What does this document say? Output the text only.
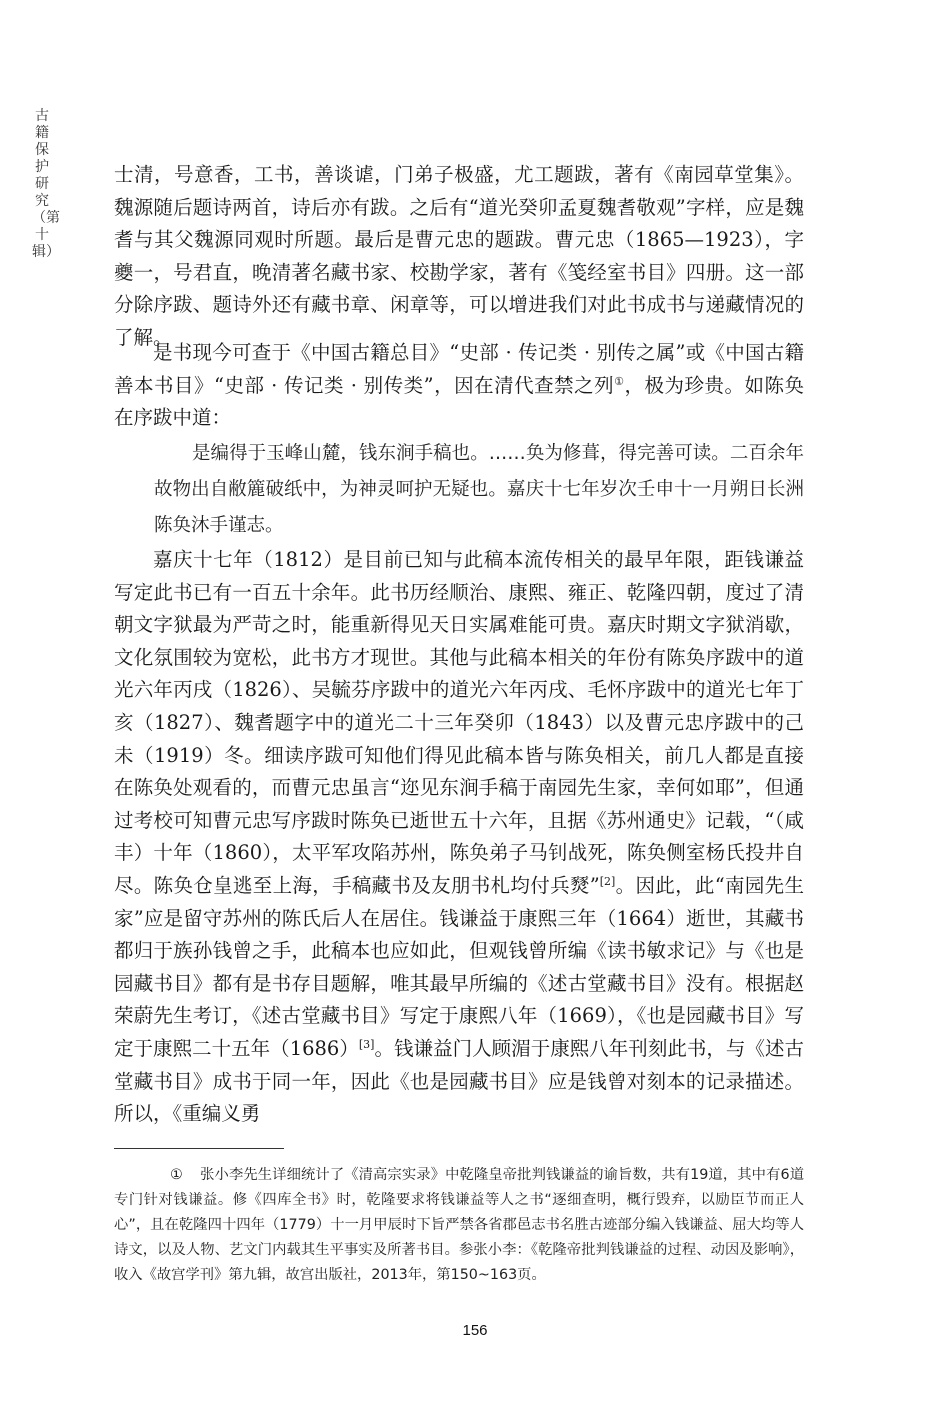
古籍保护研究（第十辑）

士清，号意香，工书，善谈谑，门弟子极盛，尤工题跋，著有《南园草堂集》。魏源随后题诗两首，诗后亦有跋。之后有“道光癸卯孟夏魏耆敬观”字样，应是魏耆与其父魏源同观时所题。最后是曹元忠的题跋。曹元忠（1865—1923），字夔一，号君直，晚清著名藏书家、校勘学家，著有《笺经室书目》四册。这一部分除序跋、题诗外还有藏书章、闲章等，可以增进我们对此书成书与递藏情况的了解。

是书现今可查于《中国古籍总目》“史部 · 传记类 · 别传之属”或《中国古籍善本书目》“史部 · 传记类 · 别传类”，因在清代查禁之列①，极为珍贵。如陈奂在序跋中道：

是编得于玉峰山麓，钱东涧手稿也。……奂为修葺，得完善可读。二百余年故物出自敝簏破纸中，为神灵呵护无疑也。嘉庆十七年岁次壬申十一月朔日长洲陈奂沐手谨志。

嘉庆十七年（1812）是目前已知与此稿本流传相关的最早年限，距钱谦益写定此书已有一百五十余年。此书历经顺治、康熙、雍正、乾隆四朝，度过了清朝文字狱最为严苛之时，能重新得见天日实属难能可贵。嘉庆时期文字狱消歇，文化氛围较为宽松，此书方才现世。其他与此稿本相关的年份有陈奂序跋中的道光六年丙戌（1826）、吴毓芬序跋中的道光六年丙戌、毛怀序跋中的道光七年丁亥（1827）、魏耆题字中的道光二十三年癸卯（1843）以及曹元忠序跋中的己未（1919）冬。细读序跋可知他们得见此稿本皆与陈奂相关，前几人都是直接在陈奂处观看的，而曹元忠虽言“迩见东涧手稿于南园先生家，幸何如耶”，但通过考校可知曹元忠写序跋时陈奂已逝世五十六年，且据《苏州通史》记载，“（咸丰）十年（1860），太平军攻陷苏州，陈奂弟子马钊战死，陈奂侧室杨氏投井自尽。陈奂仓皇逃至上海，手稿藏书及友朋书札均付兵燹”[2]。因此，此“南园先生家”应是留守苏州的陈氏后人在居住。钱谦益于康熙三年（1664）逝世，其藏书都归于族孙钱曾之手，此稿本也应如此，但观钱曾所编《读书敏求记》与《也是园藏书目》都有是书存目题解，唯其最早所编的《述古堂藏书目》没有。根据赵荣蔚先生考订，《述古堂藏书目》写定于康熙八年（1669），《也是园藏书目》写定于康熙二十五年（1686）[3]。钱谦益门人顾湄于康熙八年刊刻此书，与《述古堂藏书目》成书于同一年，因此《也是园藏书目》应是钱曾对刻本的记录描述。所以，《重编义勇

① 张小李先生详细统计了《清高宗实录》中乾隆皇帝批判钱谦益的谕旨数，共有19道，其中有6道专门针对钱谦益。修《四库全书》时，乾隆要求将钱谦益等人之书“逐细查明，概行毁弃，以励臣节而正人心”，且在乾隆四十四年（1779）十一月甲辰时下旨严禁各省郡邑志书名胜古迹部分编入钱谦益、屈大均等人诗文，以及人物、艺文门内载其生平事实及所著书目。参张小李：《乾隆帝批判钱谦益的过程、动因及影响》，收入《故宫学刊》第九辑，故宫出版社，2013年，第150~163页。

156
